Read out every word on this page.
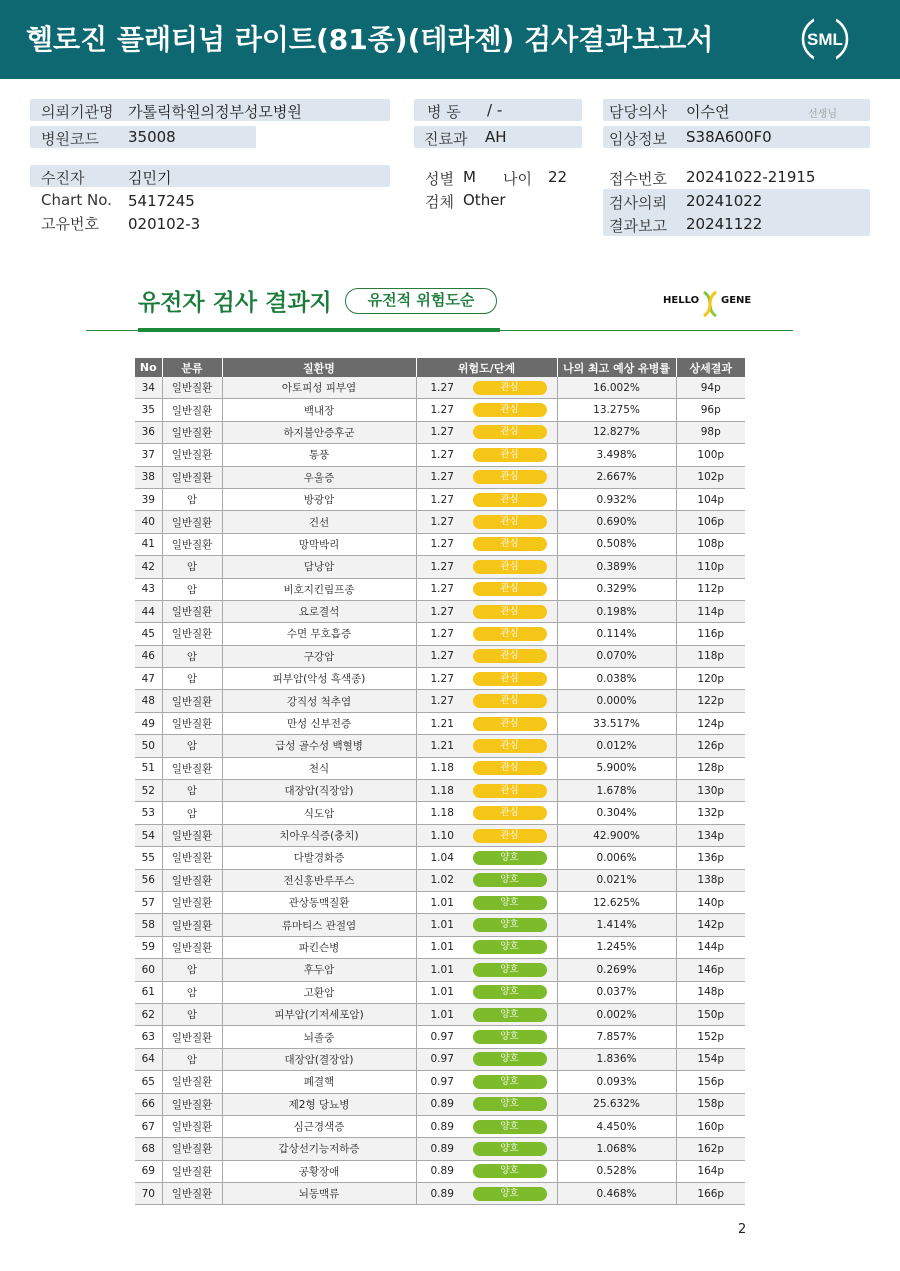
헬로진 플래티넘 라이트(81종)(테라젠) 검사결과보고서	SML
의뢰기관명 가톨릭학원의정부성모병원
병원코드 35008
병 동 / -
진료과 AH
담당의사 이수연	선생님
임상정보 S38A600F0
수진자	김민기
Chart No. 5417245
고유번호 020102-3
성별 M 나이 22
검체 Other
접수번호 20241022-21915
검사의뢰 20241022
결과보고 20241122
유전자 검사 결과지	유전적 위험도순	HELLO GENE
No	분류	질환명	위험도/단계	나의 최고 예상 유병률	상세결과
34	일반질환	아토피성 피부염	1.27 관심	16.002%	94p
35	일반질환	백내장	1.27 관심	13.275%	96p
36	일반질환	하지불안증후군	1.27 관심	12.827%	98p
37	일반질환	통풍	1.27 관심	3.498%	100p
38	일반질환	우울증	1.27 관심	2.667%	102p
39	암	방광암	1.27 관심	0.932%	104p
40	일반질환	건선	1.27 관심	0.690%	106p
41	일반질환	망막박리	1.27 관심	0.508%	108p
42	암	담낭암	1.27 관심	0.389%	110p
43	암	비호지킨림프종	1.27 관심	0.329%	112p
44	일반질환	요로결석	1.27 관심	0.198%	114p
45	일반질환	수면 무호흡증	1.27 관심	0.114%	116p
46	암	구강암	1.27 관심	0.070%	118p
47	암	피부암(악성 흑색종)	1.27 관심	0.038%	120p
48	일반질환	강직성 척추염	1.27 관심	0.000%	122p
49	일반질환	만성 신부전증	1.21 관심	33.517%	124p
50	암	급성 골수성 백혈병	1.21 관심	0.012%	126p
51	일반질환	천식	1.18 관심	5.900%	128p
52	암	대장암(직장암)	1.18 관심	1.678%	130p
53	암	식도암	1.18 관심	0.304%	132p
54	일반질환	치아우식증(충치)	1.10 관심	42.900%	134p
55	일반질환	다발경화증	1.04 양호	0.006%	136p
56	일반질환	전신홍반루푸스	1.02 양호	0.021%	138p
57	일반질환	관상동맥질환	1.01 양호	12.625%	140p
58	일반질환	류마티스 관절염	1.01 양호	1.414%	142p
59	일반질환	파킨슨병	1.01 양호	1.245%	144p
60	암	후두암	1.01 양호	0.269%	146p
61	암	고환암	1.01 양호	0.037%	148p
62	암	피부암(기저세포암)	1.01 양호	0.002%	150p
63	일반질환	뇌졸중	0.97 양호	7.857%	152p
64	암	대장암(결장암)	0.97 양호	1.836%	154p
65	일반질환	폐결핵	0.97 양호	0.093%	156p
66	일반질환	제2형 당뇨병	0.89 양호	25.632%	158p
67	일반질환	심근경색증	0.89 양호	4.450%	160p
68	일반질환	갑상선기능저하증	0.89 양호	1.068%	162p
69	일반질환	공황장애	0.89 양호	0.528%	164p
70	일반질환	뇌동맥류	0.89 양호	0.468%	166p
2
